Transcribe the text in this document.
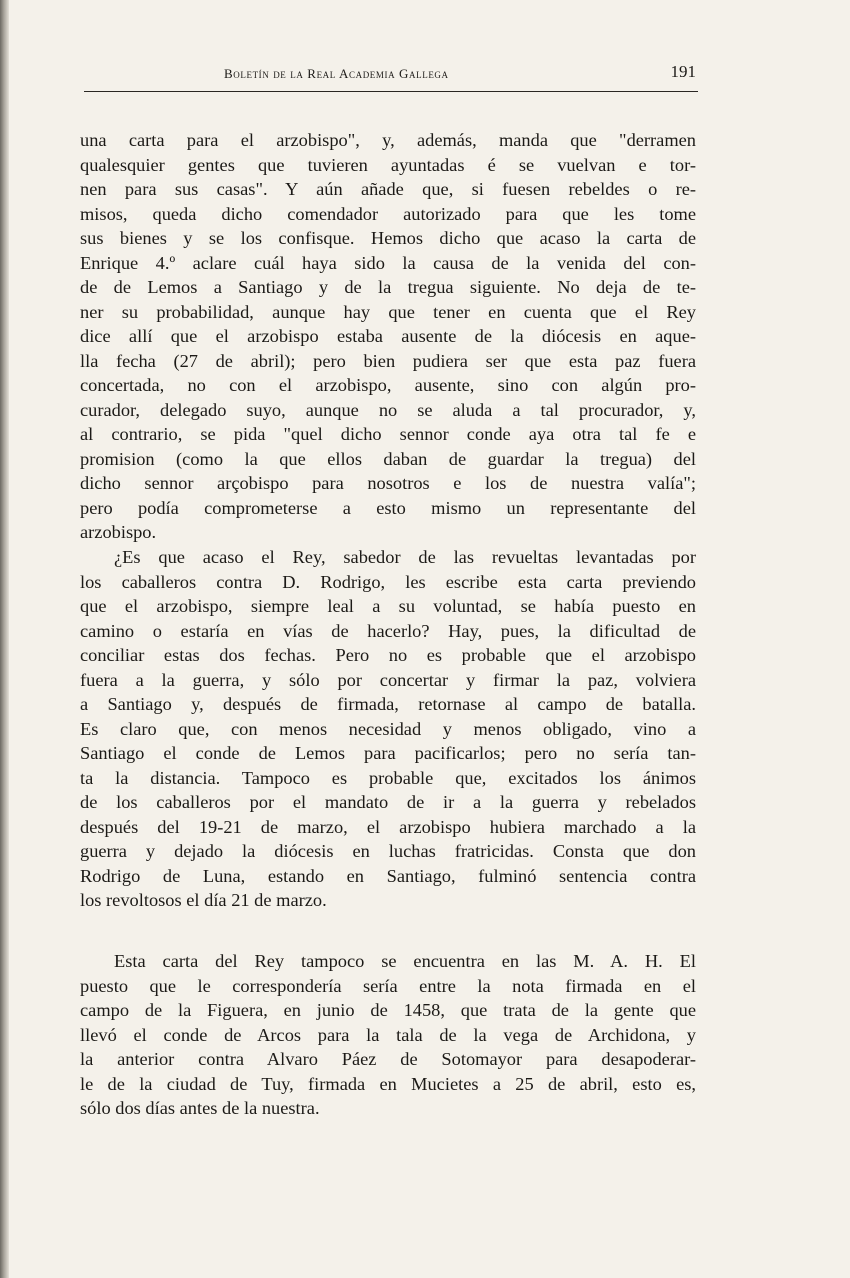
Boletín de la Real Academia Gallega	191
una carta para el arzobispo", y, además, manda que "derramen
qualesquier gentes que tuvieren ayuntadas é se vuelvan e tor-
nen para sus casas". Y aún añade que, si fuesen rebeldes o re-
misos, queda dicho comendador autorizado para que les tome
sus bienes y se los confisque. Hemos dicho que acaso la carta de
Enrique 4.º aclare cuál haya sido la causa de la venida del con-
de de Lemos a Santiago y de la tregua siguiente. No deja de te-
ner su probabilidad, aunque hay que tener en cuenta que el Rey
dice allí que el arzobispo estaba ausente de la diócesis en aque-
lla fecha (27 de abril); pero bien pudiera ser que esta paz fuera
concertada, no con el arzobispo, ausente, sino con algún pro-
curador, delegado suyo, aunque no se aluda a tal procurador, y,
al contrario, se pida "quel dicho sennor conde aya otra tal fe e
promision (como la que ellos daban de guardar la tregua) del
dicho sennor arçobispo para nosotros e los de nuestra valía";
pero podía comprometerse a esto mismo un representante del
arzobispo.
¿Es que acaso el Rey, sabedor de las revueltas levantadas por
los caballeros contra D. Rodrigo, les escribe esta carta previendo
que el arzobispo, siempre leal a su voluntad, se había puesto en
camino o estaría en vías de hacerlo? Hay, pues, la dificultad de
conciliar estas dos fechas. Pero no es probable que el arzobispo
fuera a la guerra, y sólo por concertar y firmar la paz, volviera
a Santiago y, después de firmada, retornase al campo de batalla.
Es claro que, con menos necesidad y menos obligado, vino a
Santiago el conde de Lemos para pacificarlos; pero no sería tan-
ta la distancia. Tampoco es probable que, excitados los ánimos
de los caballeros por el mandato de ir a la guerra y rebelados
después del 19-21 de marzo, el arzobispo hubiera marchado a la
guerra y dejado la diócesis en luchas fratricidas. Consta que don
Rodrigo de Luna, estando en Santiago, fulminó sentencia contra
los revoltosos el día 21 de marzo.
Esta carta del Rey tampoco se encuentra en las M. A. H. El
puesto que le correspondería sería entre la nota firmada en el
campo de la Figuera, en junio de 1458, que trata de la gente que
llevó el conde de Arcos para la tala de la vega de Archidona, y
la anterior contra Alvaro Páez de Sotomayor para desapoderar-
le de la ciudad de Tuy, firmada en Mucietes a 25 de abril, esto es,
sólo dos días antes de la nuestra.
